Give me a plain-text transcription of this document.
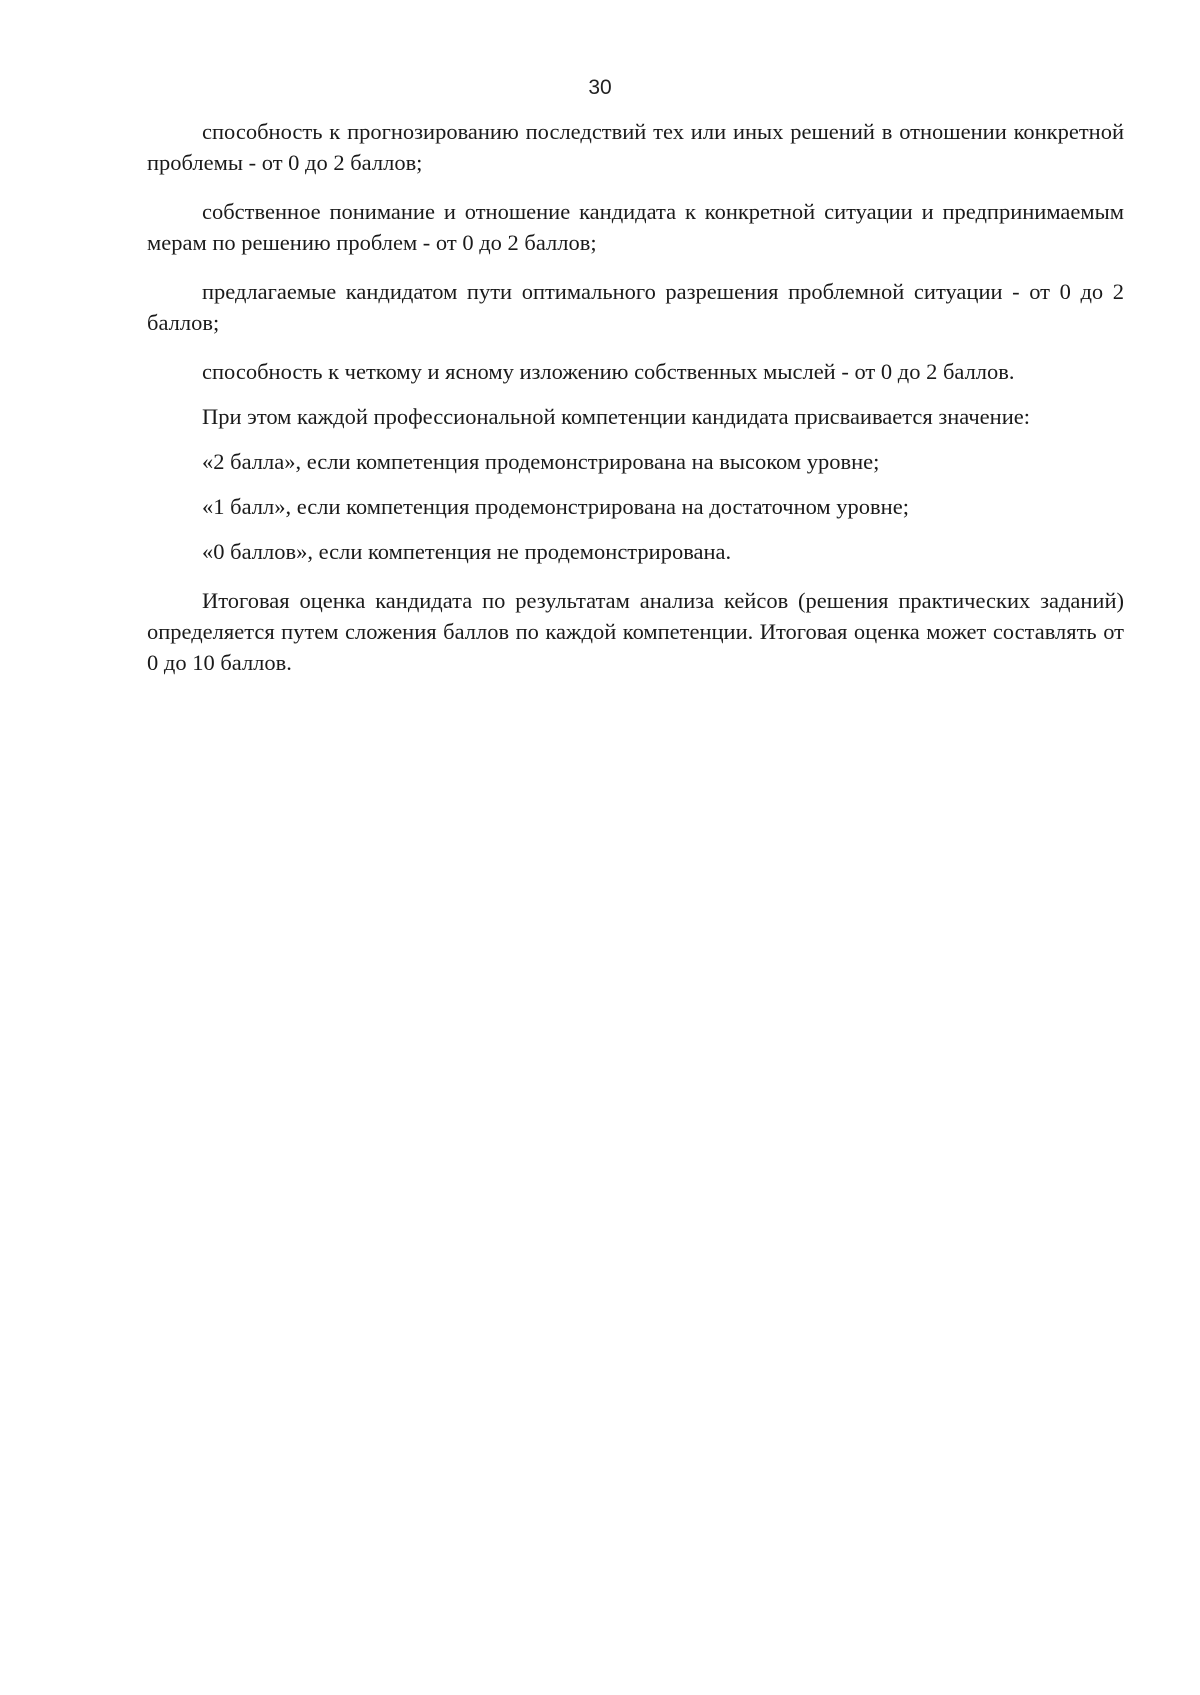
30

способность к прогнозированию последствий тех или иных решений в отношении конкретной проблемы - от 0 до 2 баллов;

собственное понимание и отношение кандидата к конкретной ситуации и предпринимаемым мерам по решению проблем - от 0 до 2 баллов;

предлагаемые кандидатом пути оптимального разрешения проблемной ситуации - от 0 до 2 баллов;

способность к четкому и ясному изложению собственных мыслей - от 0 до 2 баллов.

При этом каждой профессиональной компетенции кандидата присваивается значение:

«2 балла», если компетенция продемонстрирована на высоком уровне;

«1 балл», если компетенция продемонстрирована на достаточном уровне;

«0 баллов», если компетенция не продемонстрирована.

Итоговая оценка кандидата по результатам анализа кейсов (решения практических заданий) определяется путем сложения баллов по каждой компетенции. Итоговая оценка может составлять от 0 до 10 баллов.
